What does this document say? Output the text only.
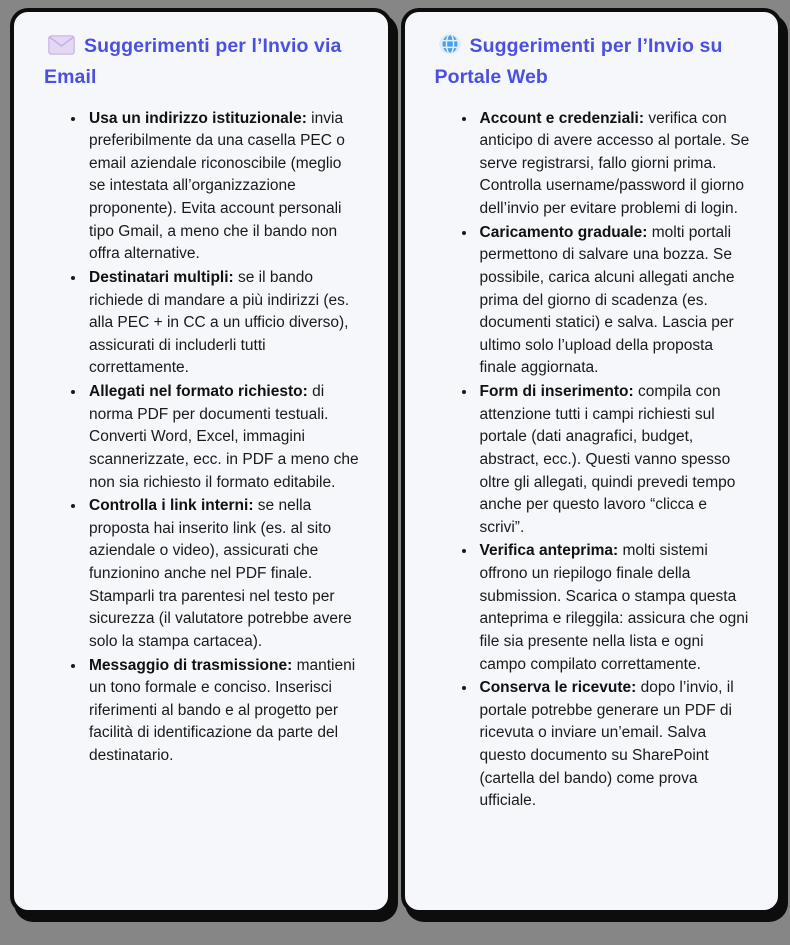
Suggerimenti per l’Invio via Email
• Usa un indirizzo istituzionale: invia preferibilmente da una casella PEC o email aziendale riconoscibile (meglio se intestata all’organizzazione proponente). Evita account personali tipo Gmail, a meno che il bando non offra alternative.
• Destinatari multipli: se il bando richiede di mandare a più indirizzi (es. alla PEC + in CC a un ufficio diverso), assicurati di includerli tutti correttamente.
• Allegati nel formato richiesto: di norma PDF per documenti testuali. Converti Word, Excel, immagini scannerizzate, ecc. in PDF a meno che non sia richiesto il formato editabile.
• Controlla i link interni: se nella proposta hai inserito link (es. al sito aziendale o video), assicurati che funzionino anche nel PDF finale. Stamparli tra parentesi nel testo per sicurezza (il valutatore potrebbe avere solo la stampa cartacea).
• Messaggio di trasmissione: mantieni un tono formale e conciso. Inserisci riferimenti al bando e al progetto per facilità di identificazione da parte del destinatario.
Suggerimenti per l’Invio su Portale Web
• Account e credenziali: verifica con anticipo di avere accesso al portale. Se serve registrarsi, fallo giorni prima. Controlla username/password il giorno dell’invio per evitare problemi di login.
• Caricamento graduale: molti portali permettono di salvare una bozza. Se possibile, carica alcuni allegati anche prima del giorno di scadenza (es. documenti statici) e salva. Lascia per ultimo solo l’upload della proposta finale aggiornata.
• Form di inserimento: compila con attenzione tutti i campi richiesti sul portale (dati anagrafici, budget, abstract, ecc.). Questi vanno spesso oltre gli allegati, quindi prevedi tempo anche per questo lavoro “clicca e scrivi”.
• Verifica anteprima: molti sistemi offrono un riepilogo finale della submission. Scarica o stampa questa anteprima e rileggila: assicura che ogni file sia presente nella lista e ogni campo compilato correttamente.
• Conserva le ricevute: dopo l’invio, il portale potrebbe generare un PDF di ricevuta o inviare un’email. Salva questo documento su SharePoint (cartella del bando) come prova ufficiale.
